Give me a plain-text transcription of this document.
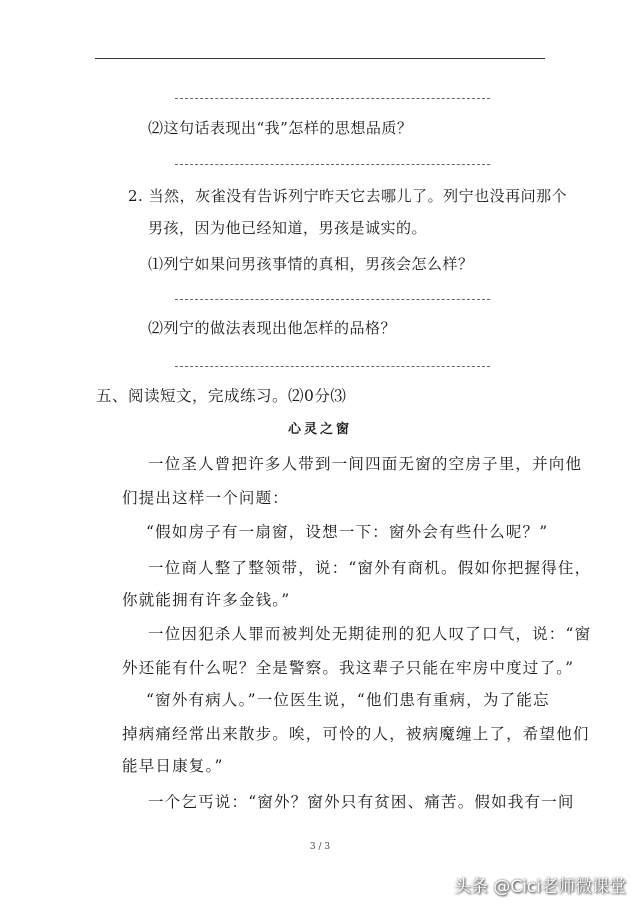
⑵这句话表现出“我”怎样的思想品质？
2. 当然，灰雀没有告诉列宁昨天它去哪儿了。列宁也没再问那个
男孩，因为他已经知道，男孩是诚实的。
⑴列宁如果问男孩事情的真相，男孩会怎么样？
⑵列宁的做法表现出他怎样的品格？
五、阅读短文，完成练习。⑵0分⑶
心灵之窗
一位圣人曾把许多人带到一间四面无窗的空房子里，并向他
们提出这样一个问题：
“假如房子有一扇窗，设想一下：窗外会有些什么呢？”
一位商人整了整领带，说：“窗外有商机。假如你把握得住，
你就能拥有许多金钱。”
一位因犯杀人罪而被判处无期徒刑的犯人叹了口气，说：“窗
外还能有什么呢？全是警察。我这辈子只能在牢房中度过了。”
“窗外有病人。”一位医生说，“他们患有重病，为了能忘
掉病痛经常出来散步。唉，可怜的人，被病魔缠上了，希望他们
能早日康复。”
一个乞丐说：“窗外？窗外只有贫困、痛苦。假如我有一间
3 / 3
头条 @Cici老师微课堂
